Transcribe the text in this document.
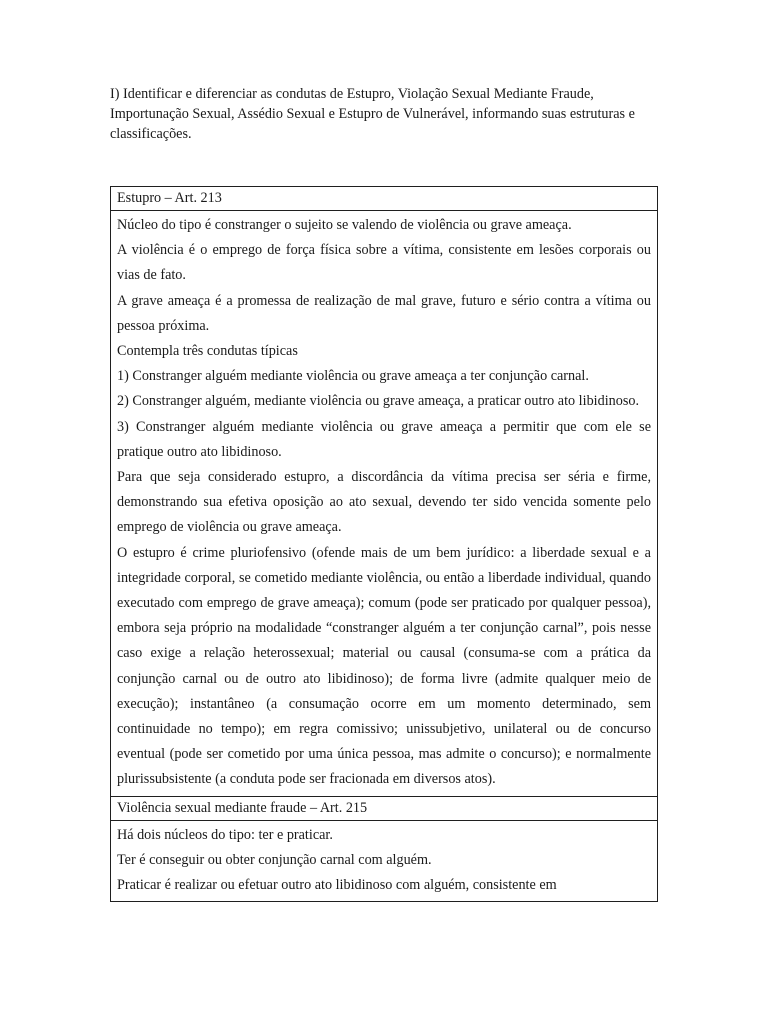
I) Identificar e diferenciar as condutas de Estupro, Violação Sexual Mediante Fraude, Importunação Sexual, Assédio Sexual e Estupro de Vulnerável, informando suas estruturas e classificações.

Estupro – Art. 213

Núcleo do tipo é constranger o sujeito se valendo de violência ou grave ameaça.

A violência é o emprego de força física sobre a vítima, consistente em lesões corporais ou vias de fato.

A grave ameaça é a promessa de realização de mal grave, futuro e sério contra a vítima ou pessoa próxima.

Contempla três condutas típicas

1) Constranger alguém mediante violência ou grave ameaça a ter conjunção carnal.

2) Constranger alguém, mediante violência ou grave ameaça, a praticar outro ato libidinoso.

3) Constranger alguém mediante violência ou grave ameaça a permitir que com ele se pratique outro ato libidinoso.

Para que seja considerado estupro, a discordância da vítima precisa ser séria e firme, demonstrando sua efetiva oposição ao ato sexual, devendo ter sido vencida somente pelo emprego de violência ou grave ameaça.

O estupro é crime pluriofensivo (ofende mais de um bem jurídico: a liberdade sexual e a integridade corporal, se cometido mediante violência, ou então a liberdade individual, quando executado com emprego de grave ameaça); comum (pode ser praticado por qualquer pessoa), embora seja próprio na modalidade “constranger alguém a ter conjunção carnal”, pois nesse caso exige a relação heterossexual; material ou causal (consuma-se com a prática da conjunção carnal ou de outro ato libidinoso); de forma livre (admite qualquer meio de execução); instantâneo (a consumação ocorre em um momento determinado, sem continuidade no tempo); em regra comissivo; unissubjetivo, unilateral ou de concurso eventual (pode ser cometido por uma única pessoa, mas admite o concurso); e normalmente plurissubsistente (a conduta pode ser fracionada em diversos atos).

Violência sexual mediante fraude – Art. 215

Há dois núcleos do tipo: ter e praticar.

Ter é conseguir ou obter conjunção carnal com alguém.

Praticar é realizar ou efetuar outro ato libidinoso com alguém, consistente em
